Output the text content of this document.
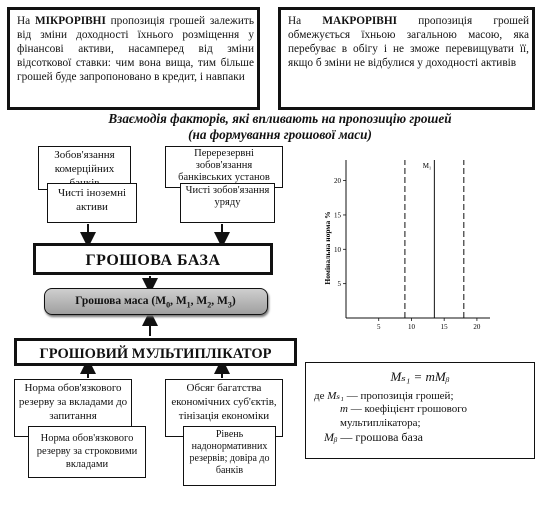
На МІКРОРІВНІ пропозиція грошей залежить від зміни доходності їхнього розміщення у фінансові активи, насамперед від зміни відсоткової ставки: чим вона вища, тим більше грошей буде запропоновано в кредит, і навпаки
На МАКРОРІВНІ пропозиція грошей обмежується їхньою загальною масою, яка перебуває в обігу і не зможе перевищувати її, якщо б зміни не відбулися у доходності активів
Взаємодія факторів, які впливають на пропозицію грошей
(на формування грошової маси)
Зобов'язання комерційних
Чисті іноземні активи
Перерезервні зобов'язання банківських установ
Чисті зобов'язання уряду
ГРОШОВА БАЗА
Грошова маса ($M_0$, $M_1$, $M_2$, $M_3$)
ГРОШОВИЙ МУЛЬТИПЛІКАТОР
Норма обов'язкового резерву за вкладами до запитання
Норма обов'язкового резерву за строковими вкладами
Обсяг багатства економічних суб'єктів, тінізація економіки
Рівень надонормативних резервів; довіра до банків
Mₛ₁ = mMᵦ
де Mₛ₁ — пропозиція грошей;
m — коефіцієнт грошового мультиплікатора;
Mᵦ — грошова база
Номінальна норма %
5	10	15	20
5
10
15
20
M₁
